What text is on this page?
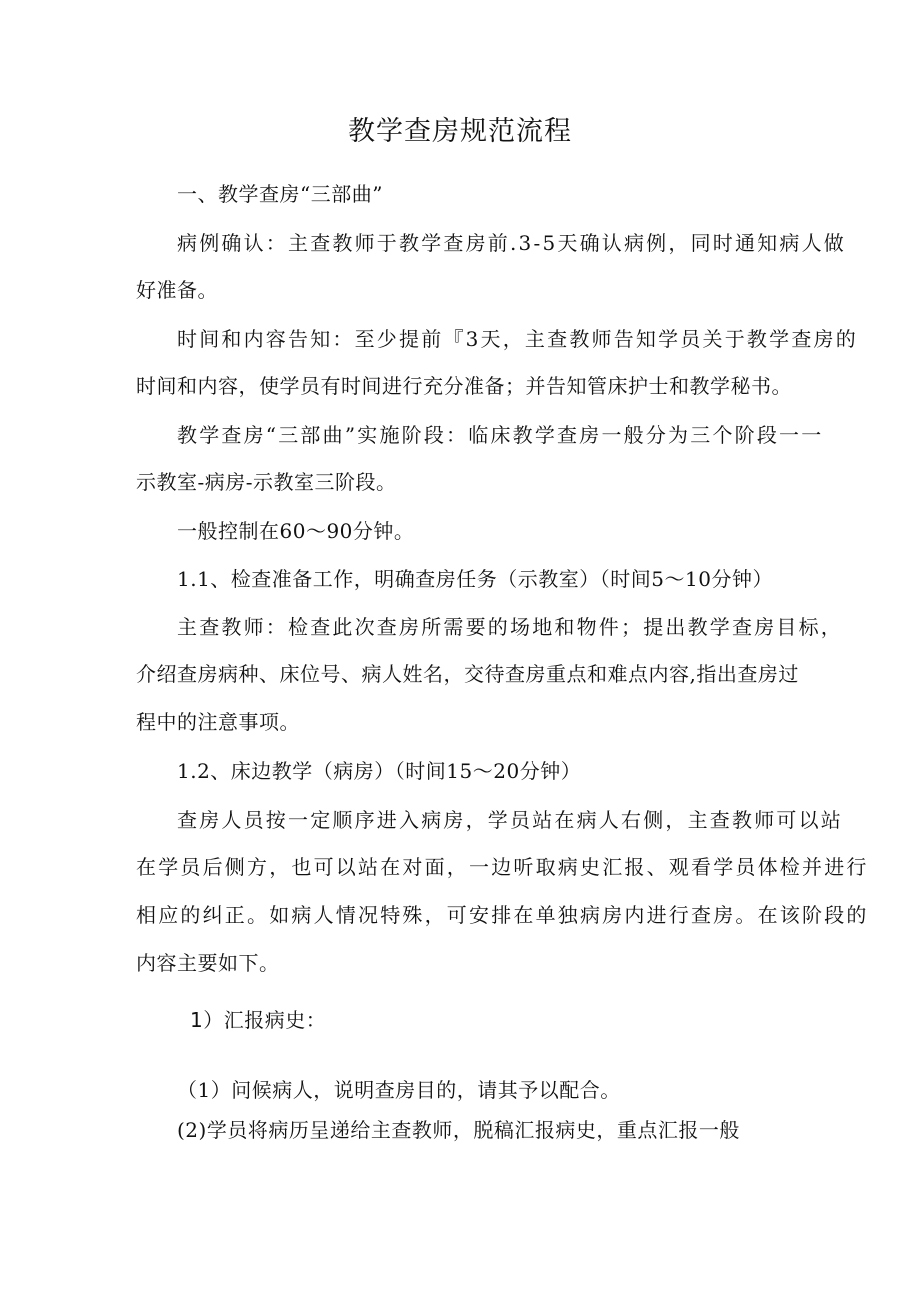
教学查房规范流程

一、教学查房“三部曲”

病例确认：主查教师于教学查房前.3-5天确认病例，同时通知病人做

好准备。

时间和内容告知：至少提前『3天，主查教师告知学员关于教学查房的

时间和内容，使学员有时间进行充分准备；并告知管床护士和教学秘书。

教学查房“三部曲”实施阶段：临床教学查房一般分为三个阶段一一

示教室-病房-示教室三阶段。

一般控制在60～90分钟。

1.1、检查准备工作，明确查房任务（示教室）（时间5～10分钟）

主查教师：检查此次查房所需要的场地和物件；提出教学查房目标，

介绍查房病种、床位号、病人姓名，交待查房重点和难点内容,指出查房过

程中的注意事项。

1.2、床边教学（病房）（时间15～20分钟）

查房人员按一定顺序进入病房，学员站在病人右侧，主查教师可以站

在学员后侧方，也可以站在对面，一边听取病史汇报、观看学员体检并进行

相应的纠正。如病人情况特殊，可安排在单独病房内进行查房。在该阶段的

内容主要如下。

1）汇报病史：

（1）问候病人，说明查房目的，请其予以配合。

(2)学员将病历呈递给主查教师，脱稿汇报病史，重点汇报一般
